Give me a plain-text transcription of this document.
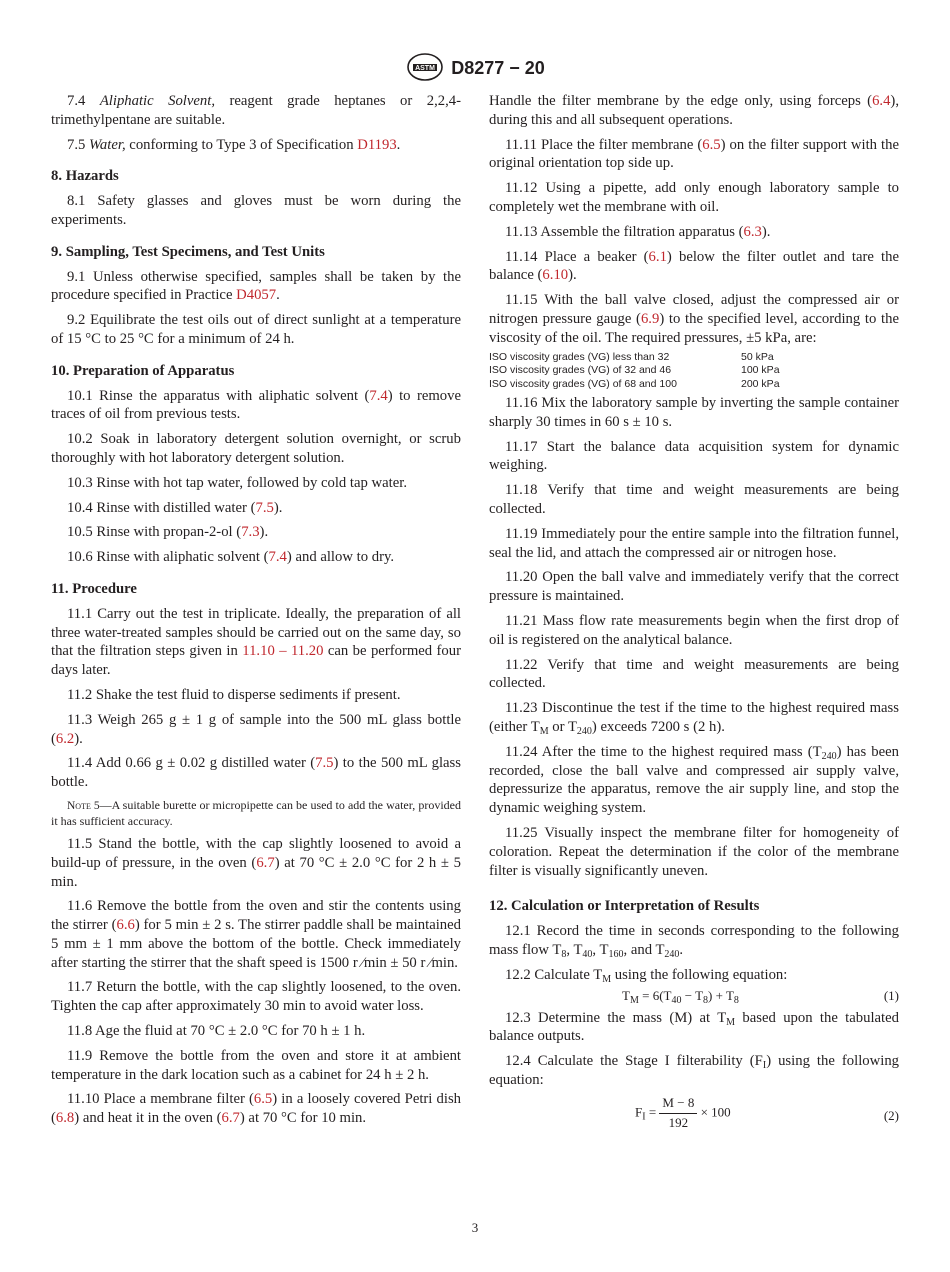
ASTM D8277 − 20

7.4 Aliphatic Solvent, reagent grade heptanes or 2,2,4-trimethylpentane are suitable.

7.5 Water, conforming to Type 3 of Specification D1193.

8. Hazards

8.1 Safety glasses and gloves must be worn during the experiments.

9. Sampling, Test Specimens, and Test Units

9.1 Unless otherwise specified, samples shall be taken by the procedure specified in Practice D4057.

9.2 Equilibrate the test oils out of direct sunlight at a temperature of 15 °C to 25 °C for a minimum of 24 h.

10. Preparation of Apparatus

10.1 Rinse the apparatus with aliphatic solvent (7.4) to remove traces of oil from previous tests.

10.2 Soak in laboratory detergent solution overnight, or scrub thoroughly with hot laboratory detergent solution.

10.3 Rinse with hot tap water, followed by cold tap water.

10.4 Rinse with distilled water (7.5).

10.5 Rinse with propan-2-ol (7.3).

10.6 Rinse with aliphatic solvent (7.4) and allow to dry.

11. Procedure

11.1 Carry out the test in triplicate. Ideally, the preparation of all three water-treated samples should be carried out on the same day, so that the filtration steps given in 11.10 – 11.20 can be performed four days later.

11.2 Shake the test fluid to disperse sediments if present.

11.3 Weigh 265 g ± 1 g of sample into the 500 mL glass bottle (6.2).

11.4 Add 0.66 g ± 0.02 g distilled water (7.5) to the 500 mL glass bottle.

Note 5—A suitable burette or micropipette can be used to add the water, provided it has sufficient accuracy.

11.5 Stand the bottle, with the cap slightly loosened to avoid a build-up of pressure, in the oven (6.7) at 70 °C ± 2.0 °C for 2 h ± 5 min.

11.6 Remove the bottle from the oven and stir the contents using the stirrer (6.6) for 5 min ± 2 s. The stirrer paddle shall be maintained 5 mm ± 1 mm above the bottom of the bottle. Check immediately after starting the stirrer that the shaft speed is 1500 r ⁄min ± 50 r ⁄min.

11.7 Return the bottle, with the cap slightly loosened, to the oven. Tighten the cap after approximately 30 min to avoid water loss.

11.8 Age the fluid at 70 °C ± 2.0 °C for 70 h ± 1 h.

11.9 Remove the bottle from the oven and store it at ambient temperature in the dark location such as a cabinet for 24 h ± 2 h.

11.10 Place a membrane filter (6.5) in a loosely covered Petri dish (6.8) and heat it in the oven (6.7) at 70 °C for 10 min.

Handle the filter membrane by the edge only, using forceps (6.4), during this and all subsequent operations.

11.11 Place the filter membrane (6.5) on the filter support with the original orientation top side up.

11.12 Using a pipette, add only enough laboratory sample to completely wet the membrane with oil.

11.13 Assemble the filtration apparatus (6.3).

11.14 Place a beaker (6.1) below the filter outlet and tare the balance (6.10).

11.15 With the ball valve closed, adjust the compressed air or nitrogen pressure gauge (6.9) to the specified level, according to the viscosity of the oil. The required pressures, ±5 kPa, are:

ISO viscosity grades (VG) less than 32	50 kPa
ISO viscosity grades (VG) of 32 and 46	100 kPa
ISO viscosity grades (VG) of 68 and 100	200 kPa

11.16 Mix the laboratory sample by inverting the sample container sharply 30 times in 60 s ± 10 s.

11.17 Start the balance data acquisition system for dynamic weighing.

11.18 Verify that time and weight measurements are being collected.

11.19 Immediately pour the entire sample into the filtration funnel, seal the lid, and attach the compressed air or nitrogen hose.

11.20 Open the ball valve and immediately verify that the correct pressure is maintained.

11.21 Mass flow rate measurements begin when the first drop of oil is registered on the analytical balance.

11.22 Verify that time and weight measurements are being collected.

11.23 Discontinue the test if the time to the highest required mass (either $T_M$ or $T_{240}$) exceeds 7200 s (2 h).

11.24 After the time to the highest required mass $(T_{240})$ has been recorded, close the ball valve and compressed air supply valve, depressurize the apparatus, remove the air supply line, and stop the dynamic weighing system.

11.25 Visually inspect the membrane filter for homogeneity of coloration. Repeat the determination if the color of the membrane filter is visually significantly uneven.

12. Calculation or Interpretation of Results

12.1 Record the time in seconds corresponding to the following mass flow $T_8$, $T_{40}$, $T_{160}$, and $T_{240}$.

12.2 Calculate $T_M$ using the following equation:

$T_M = 6(T_{40} - T_8) + T_8$	(1)

12.3 Determine the mass (M) at $T_M$ based upon the tabulated balance outputs.

12.4 Calculate the Stage I filterability $(F_I)$ using the following equation:

$F_I = \frac{M - 8}{192} \times 100$	(2)
3
